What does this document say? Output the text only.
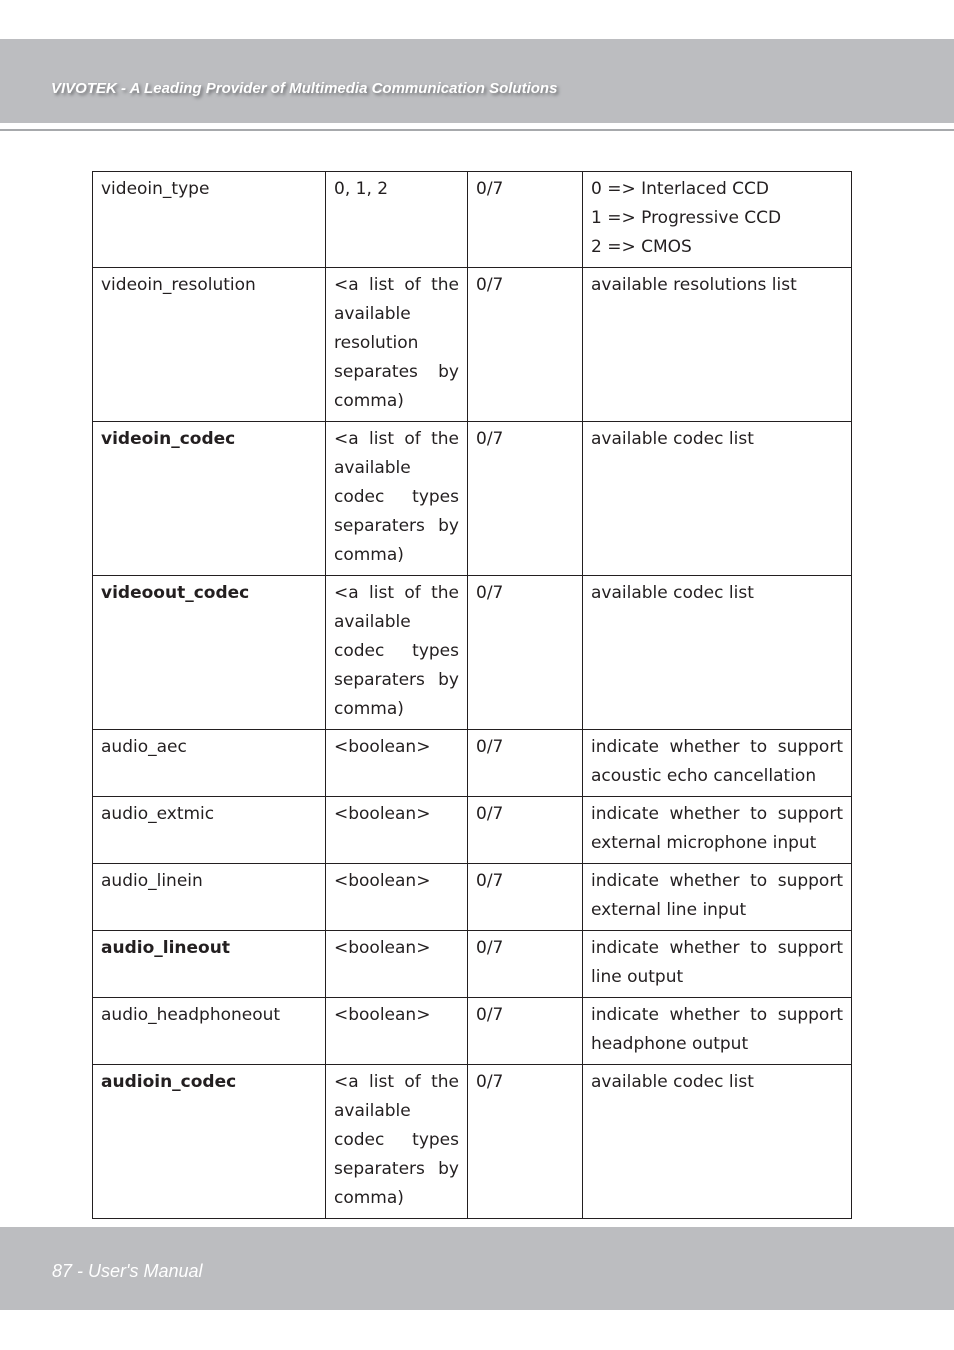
VIVOTEK - A Leading Provider of Multimedia Communication Solutions
videoin_type	0, 1, 2	0/7	0 => Interlaced CCD
1 => Progressive CCD
2 => CMOS

videoin_resolution	<a list of the available resolution separates by comma)	0/7	available resolutions list

videoin_codec	<a list of the available codec types separaters by comma)	0/7	available codec list

videoout_codec	<a list of the available codec types separaters by comma)	0/7	available codec list

audio_aec	<boolean>	0/7	indicate whether to support acoustic echo cancellation

audio_extmic	<boolean>	0/7	indicate whether to support external microphone input

audio_linein	<boolean>	0/7	indicate whether to support external line input

audio_lineout	<boolean>	0/7	indicate whether to support line output

audio_headphoneout	<boolean>	0/7	indicate whether to support headphone output

audioin_codec	<a list of the available codec types separaters by comma)	0/7	available codec list
87 - User's Manual
